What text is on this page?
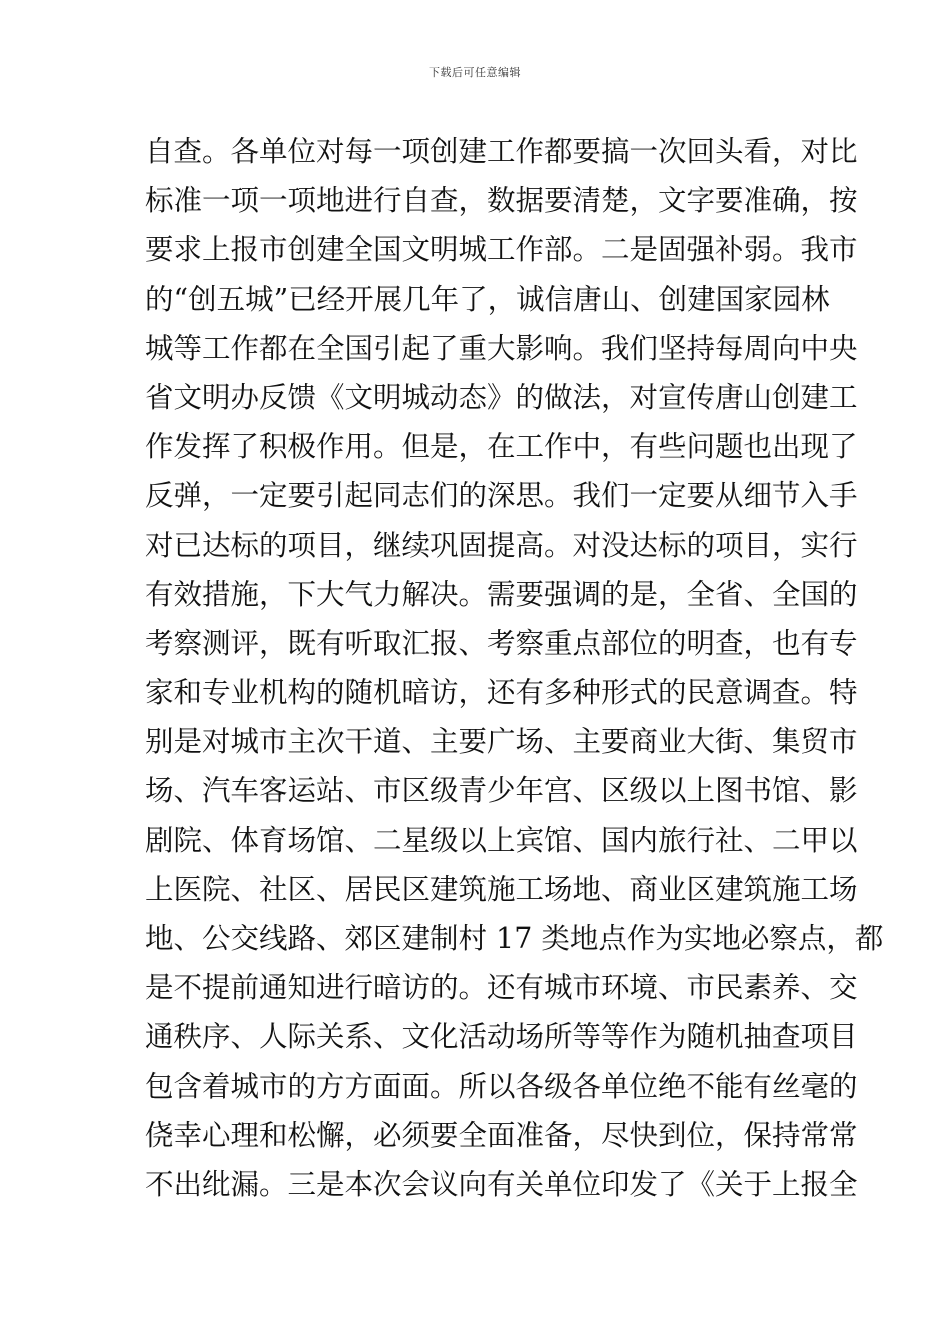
下载后可任意编辑
自查。各单位对每一项创建工作都要搞一次回头看，对比
标准一项一项地进行自查，数据要清楚，文字要准确，按
要求上报市创建全国文明城工作部。二是固强补弱。我市
的“创五城”已经开展几年了，诚信唐山、创建国家园林
城等工作都在全国引起了重大影响。我们坚持每周向中央
省文明办反馈《文明城动态》的做法，对宣传唐山创建工
作发挥了积极作用。但是，在工作中，有些问题也出现了
反弹，一定要引起同志们的深思。我们一定要从细节入手
对已达标的项目，继续巩固提高。对没达标的项目，实行
有效措施，下大气力解决。需要强调的是，全省、全国的
考察测评，既有听取汇报、考察重点部位的明查，也有专
家和专业机构的随机暗访，还有多种形式的民意调查。特
别是对城市主次干道、主要广场、主要商业大街、集贸市
场、汽车客运站、市区级青少年宫、区级以上图书馆、影
剧院、体育场馆、二星级以上宾馆、国内旅行社、二甲以
上医院、社区、居民区建筑施工场地、商业区建筑施工场
地、公交线路、郊区建制村 17 类地点作为实地必察点，都
是不提前通知进行暗访的。还有城市环境、市民素养、交
通秩序、人际关系、文化活动场所等等作为随机抽查项目
包含着城市的方方面面。所以各级各单位绝不能有丝毫的
侥幸心理和松懈，必须要全面准备，尽快到位，保持常常
不出纰漏。三是本次会议向有关单位印发了《关于上报全
